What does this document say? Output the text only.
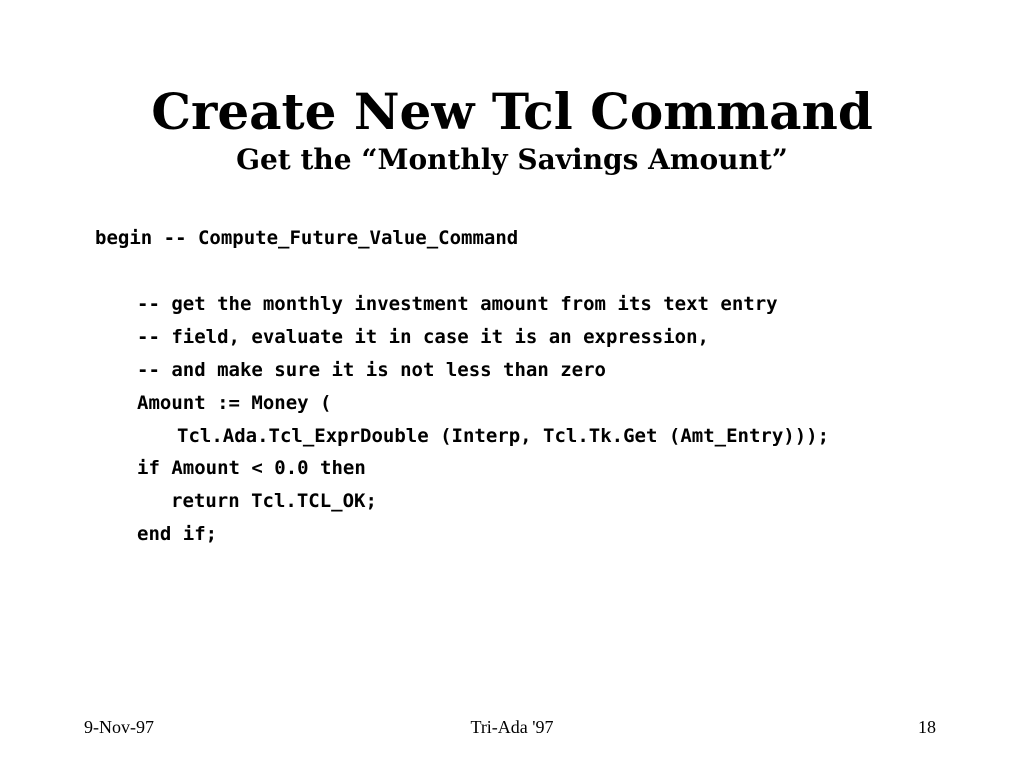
Create New Tcl Command
Get the “Monthly Savings Amount”
begin -- Compute_Future_Value_Command
-- get the monthly investment amount from its text entry
-- field, evaluate it in case it is an expression,
-- and make sure it is not less than zero
Amount := Money (
Tcl.Ada.Tcl_ExprDouble (Interp, Tcl.Tk.Get (Amt_Entry)));
if Amount < 0.0 then
return Tcl.TCL_OK;
end if;
9-Nov-97	Tri-Ada '97	18
